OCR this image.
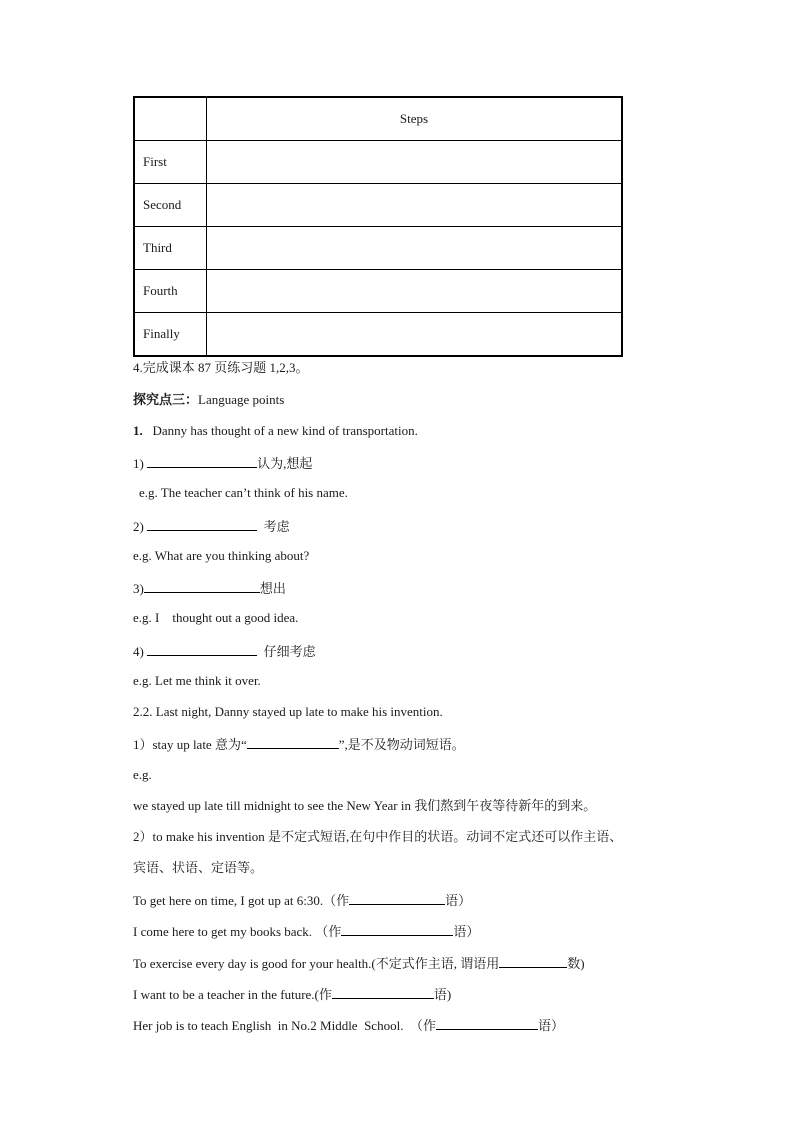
	Steps
First	
Second	
Third	
Fourth	
Finally	
4.完成课本 87 页练习题 1,2,3。
探究点三：Language points
1. Danny has thought of a new kind of transportation.
1)	认为,想起
e.g. The teacher can’t think of his name.
2)	考虑
e.g. What are you thinking about?
3)	想出
e.g. I    thought out a good idea.
4)	仔细考虑
e.g. Let me think it over.
2.2. Last night, Danny stayed up late to make his invention.
1）stay up late 意为“	”,是不及物动词短语。
e.g.
we stayed up late till midnight to see the New Year in 我们熬到午夜等待新年的到来。
2）to make his invention 是不定式短语,在句中作目的状语。动词不定式还可以作主语、
宾语、状语、定语等。
To get here on time, I got up at 6:30.（作	语）
I come here to get my books back. （作	语）
To exercise every day is good for your health.(不定式作主语, 谓语用	数)
I want to be a teacher in the future.(作	语)
Her job is to teach English  in No.2 Middle  School.  （作	语）
